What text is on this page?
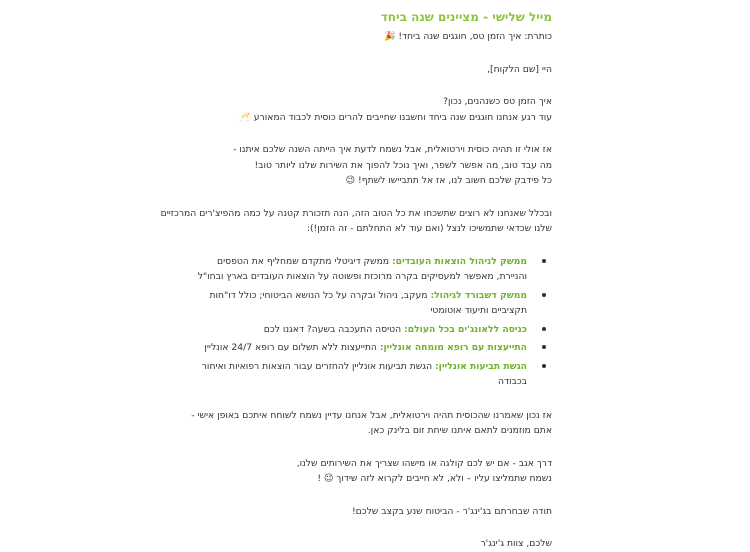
מייל שלישי - מציינים שנה ביחד

כותרת: איך הזמן טס, חוגגים שנה ביחד! 🎉

היי [שם הלקוח],

איך הזמן טס כשנהנים, נכון?

עוד רגע אנחנו חוגגים שנה ביחד וחשבנו שחייבים להרים כוסית לכבוד המאורע 🥂

אז אולי זו תהיה כוסית וירטואלית, אבל נשמח לדעת איך הייתה השנה שלכם איתנו -

מה עבד טוב, מה אפשר לשפר, ואיך נוכל להפוך את השירות שלנו ליותר טוב!

כל פידבק שלכם חשוב לנו, אז אל תתביישו לשתף! 😉

ובכלל שאנחנו לא רוצים שתשכחו את כל הטוב הזה, הנה תזכורת קטנה על כמה מהפיצ'רים המרכזיים

שלנו שכדאי שתמשיכו לנצל (ואם עוד לא התחלתם - זה הזמן!):

ממשק לניהול הוצאות העובדים: ממשק דיגיטלי מתקדם שמחליף את הטפסים והניירת, מאפשר למעסיקים בקרה מרוכזת ופשוטה על הוצאות העובדים בארץ ובחו"ל
ממשק דשבורד לגיהול: מעקב, ניהול ובקרה על כל הנושא הביטוחי; כולל דו"חות תקציביים ותיעוד אוטומטי
כניסה ללאונג'ים בכל העולם: הטיסה התעכבה בשעה? דאגנו לכם
התייעצות עם רופא מומחה אונליין: התייעצות ללא תשלום עם רופא 24/7 אונליין
הגשת תביעות אונליין: הגשת תביעות אונליין להחזרים עבור הוצאות רפואיות ואיחור בכבודה

אז נכון שאמרנו שהכוסית תהיה וירטואלית, אבל אנחנו עדיין נשמח לשוחח איתכם באופן אישי -

אתם מוזמנים לתאם איתנו שיחת זום בלינק כאן.

דרך אגב - אם יש לכם קולגה או מישהו שצריך את השירותים שלנו,

נשמח שתמליצו עליו – ולא, לא חייבים לקרוא לזה שידוך 😉 !

תודה שבחרתם בג'ינג'ר - הביטוח שנע בקצב שלכם!

שלכם, צוות ג'ינג'ר
